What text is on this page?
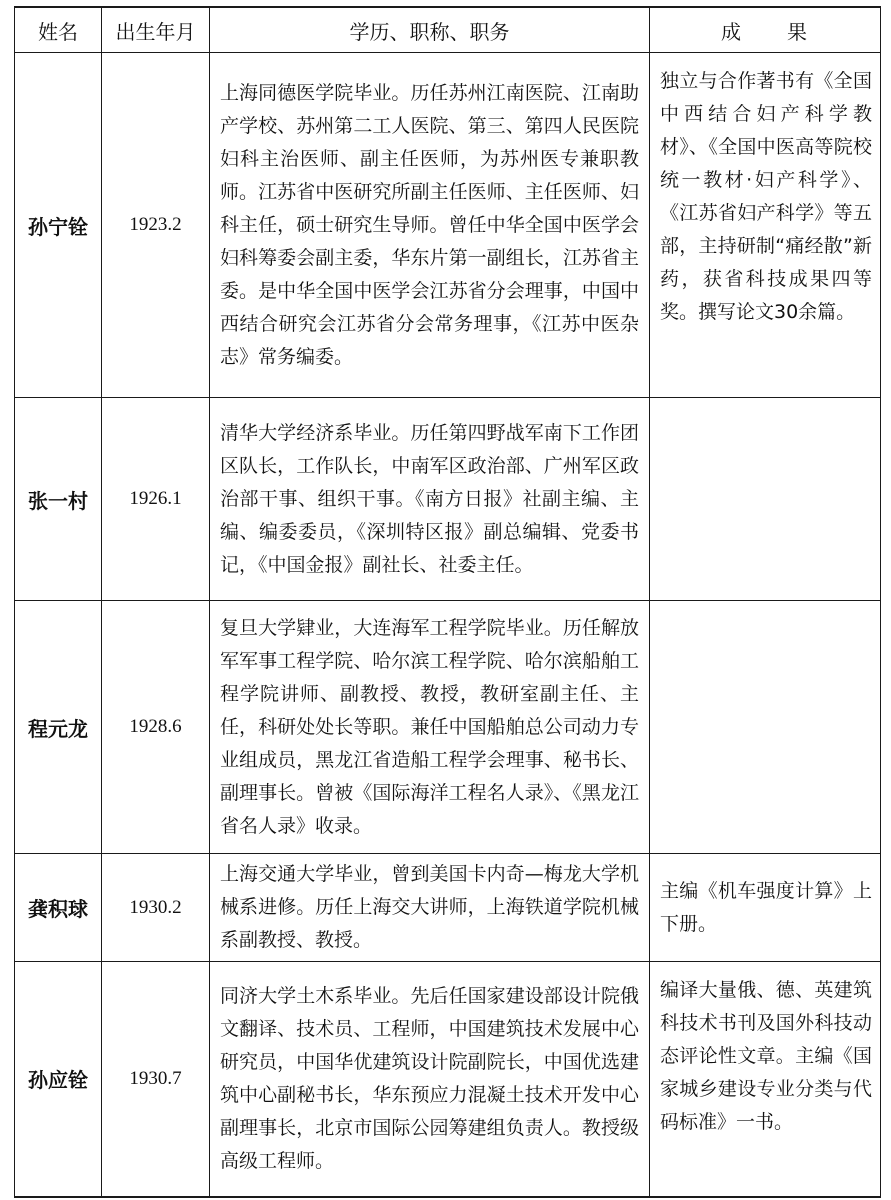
姓名	出生年月	学历、职称、职务	成　　果
孙宁铨	1923.2	上海同德医学院毕业。历任苏州江南医院、江南助产学校、苏州第二工人医院、第三、第四人民医院妇科主治医师、副主任医师，为苏州医专兼职教师。江苏省中医研究所副主任医师、主任医师、妇科主任，硕士研究生导师。曾任中华全国中医学会妇科筹委会副主委，华东片第一副组长，江苏省主委。是中华全国中医学会江苏省分会理事，中国中西结合研究会江苏省分会常务理事，《江苏中医杂志》常务编委。	独立与合作著书有《全国中西结合妇产科学教材》、《全国中医高等院校统一教材·妇产科学》、《江苏省妇产科学》等五部，主持研制“痛经散”新药，获省科技成果四等奖。撰写论文30余篇。
张一村	1926.1	清华大学经济系毕业。历任第四野战军南下工作团区队长，工作队长，中南军区政治部、广州军区政治部干事、组织干事。《南方日报》社副主编、主编、编委委员，《深圳特区报》副总编辑、党委书记，《中国金报》副社长、社委主任。	
程元龙	1928.6	复旦大学肄业，大连海军工程学院毕业。历任解放军军事工程学院、哈尔滨工程学院、哈尔滨船舶工程学院讲师、副教授、教授，教研室副主任、主任，科研处处长等职。兼任中国船舶总公司动力专业组成员，黑龙江省造船工程学会理事、秘书长、副理事长。曾被《国际海洋工程名人录》、《黑龙江省名人录》收录。	
龚积球	1930.2	上海交通大学毕业，曾到美国卡内奇—梅龙大学机械系进修。历任上海交大讲师，上海铁道学院机械系副教授、教授。	主编《机车强度计算》上下册。
孙应铨	1930.7	同济大学土木系毕业。先后任国家建设部设计院俄文翻译、技术员、工程师，中国建筑技术发展中心研究员，中国华优建筑设计院副院长，中国优选建筑中心副秘书长，华东预应力混凝土技术开发中心副理事长，北京市国际公园筹建组负责人。教授级高级工程师。	编译大量俄、德、英建筑科技术书刊及国外科技动态评论性文章。主编《国家城乡建设专业分类与代码标准》一书。
